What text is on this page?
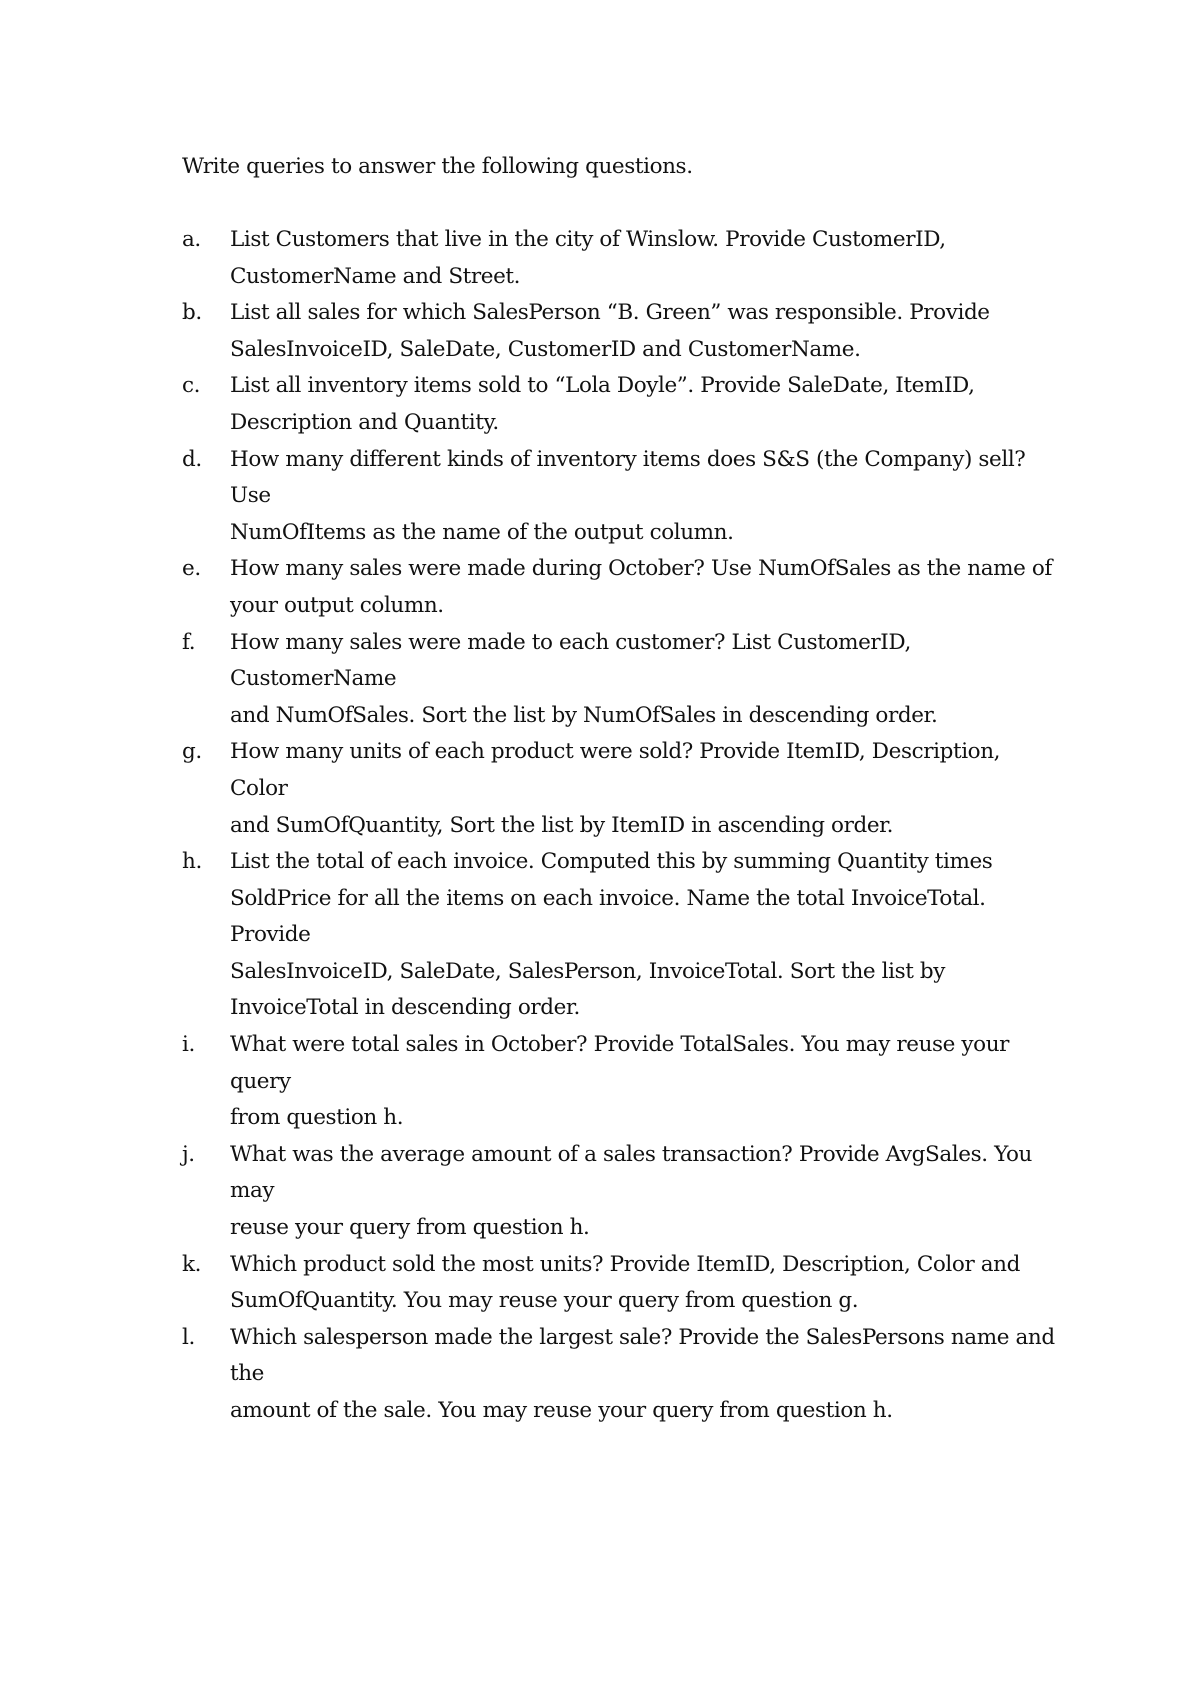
Write queries to answer the following questions.

a.	List Customers that live in the city of Winslow. Provide CustomerID,
CustomerName and Street.
b.	List all sales for which SalesPerson “B. Green” was responsible. Provide
SalesInvoiceID, SaleDate, CustomerID and CustomerName.
c.	List all inventory items sold to “Lola Doyle”. Provide SaleDate, ItemID,
Description and Quantity.
d.	How many different kinds of inventory items does S&S (the Company) sell? Use
NumOfItems as the name of the output column.
e.	How many sales were made during October? Use NumOfSales as the name of
your output column.
f.	How many sales were made to each customer? List CustomerID, CustomerName
and NumOfSales. Sort the list by NumOfSales in descending order.
g.	How many units of each product were sold? Provide ItemID, Description, Color
and SumOfQuantity, Sort the list by ItemID in ascending order.
h.	List the total of each invoice. Computed this by summing Quantity times
SoldPrice for all the items on each invoice. Name the total InvoiceTotal. Provide
SalesInvoiceID, SaleDate, SalesPerson, InvoiceTotal. Sort the list by
InvoiceTotal in descending order.
i.	What were total sales in October? Provide TotalSales. You may reuse your query
from question h.
j.	What was the average amount of a sales transaction? Provide AvgSales. You may
reuse your query from question h.
k.	Which product sold the most units? Provide ItemID, Description, Color and
SumOfQuantity. You may reuse your query from question g.
l.	Which salesperson made the largest sale? Provide the SalesPersons name and the
amount of the sale. You may reuse your query from question h.
